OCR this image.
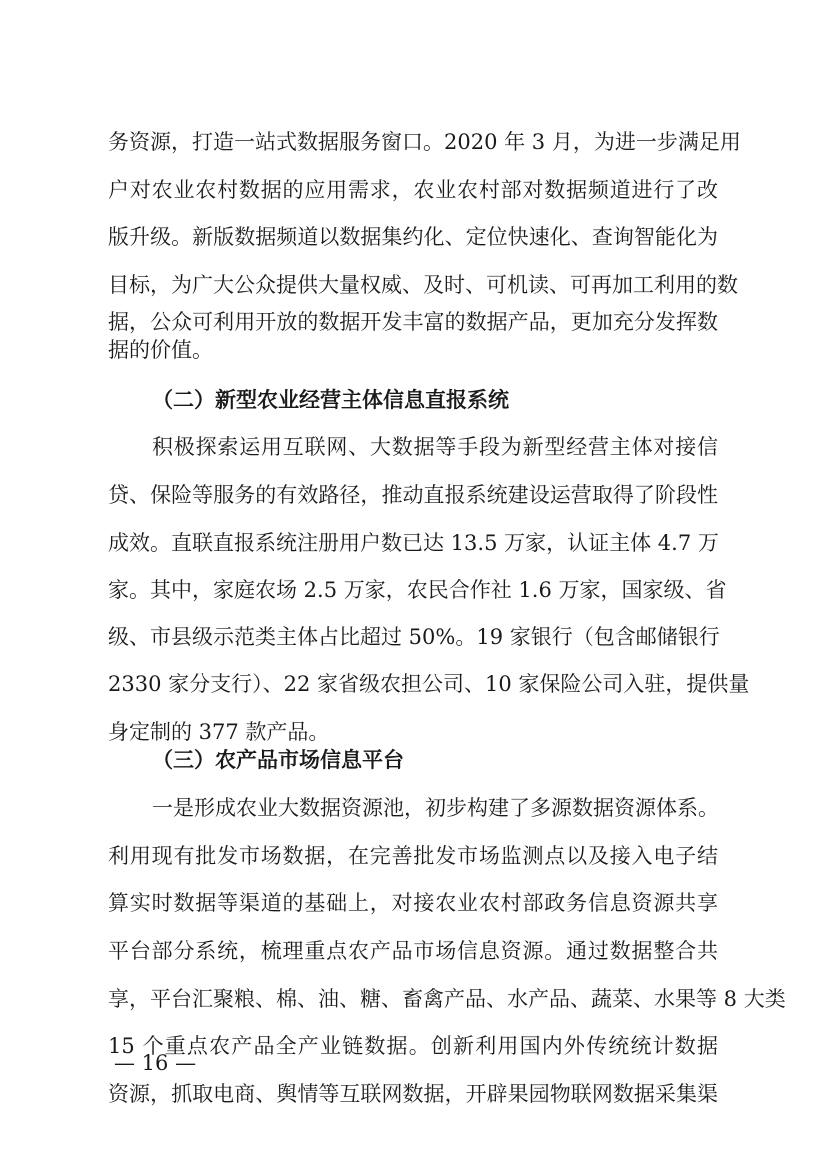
务资源，打造一站式数据服务窗口。2020 年 3 月，为进一步满足用
户对农业农村数据的应用需求，农业农村部对数据频道进行了改
版升级。新版数据频道以数据集约化、定位快速化、查询智能化为
目标，为广大公众提供大量权威、及时、可机读、可再加工利用的数
据，公众可利用开放的数据开发丰富的数据产品，更加充分发挥数
据的价值。
（二）新型农业经营主体信息直报系统
积极探索运用互联网、大数据等手段为新型经营主体对接信
贷、保险等服务的有效路径，推动直报系统建设运营取得了阶段性
成效。直联直报系统注册用户数已达 13.5 万家，认证主体 4.7 万
家。其中，家庭农场 2.5 万家，农民合作社 1.6 万家，国家级、省
级、市县级示范类主体占比超过 50%。19 家银行（包含邮储银行
2330 家分支行）、22 家省级农担公司、10 家保险公司入驻，提供量
身定制的 377 款产品。
（三）农产品市场信息平台
一是形成农业大数据资源池，初步构建了多源数据资源体系。
利用现有批发市场数据，在完善批发市场监测点以及接入电子结
算实时数据等渠道的基础上，对接农业农村部政务信息资源共享
平台部分系统，梳理重点农产品市场信息资源。通过数据整合共
享，平台汇聚粮、棉、油、糖、畜禽产品、水产品、蔬菜、水果等 8 大类
15 个重点农产品全产业链数据。创新利用国内外传统统计数据
资源，抓取电商、舆情等互联网数据，开辟果园物联网数据采集渠
— 16 —
